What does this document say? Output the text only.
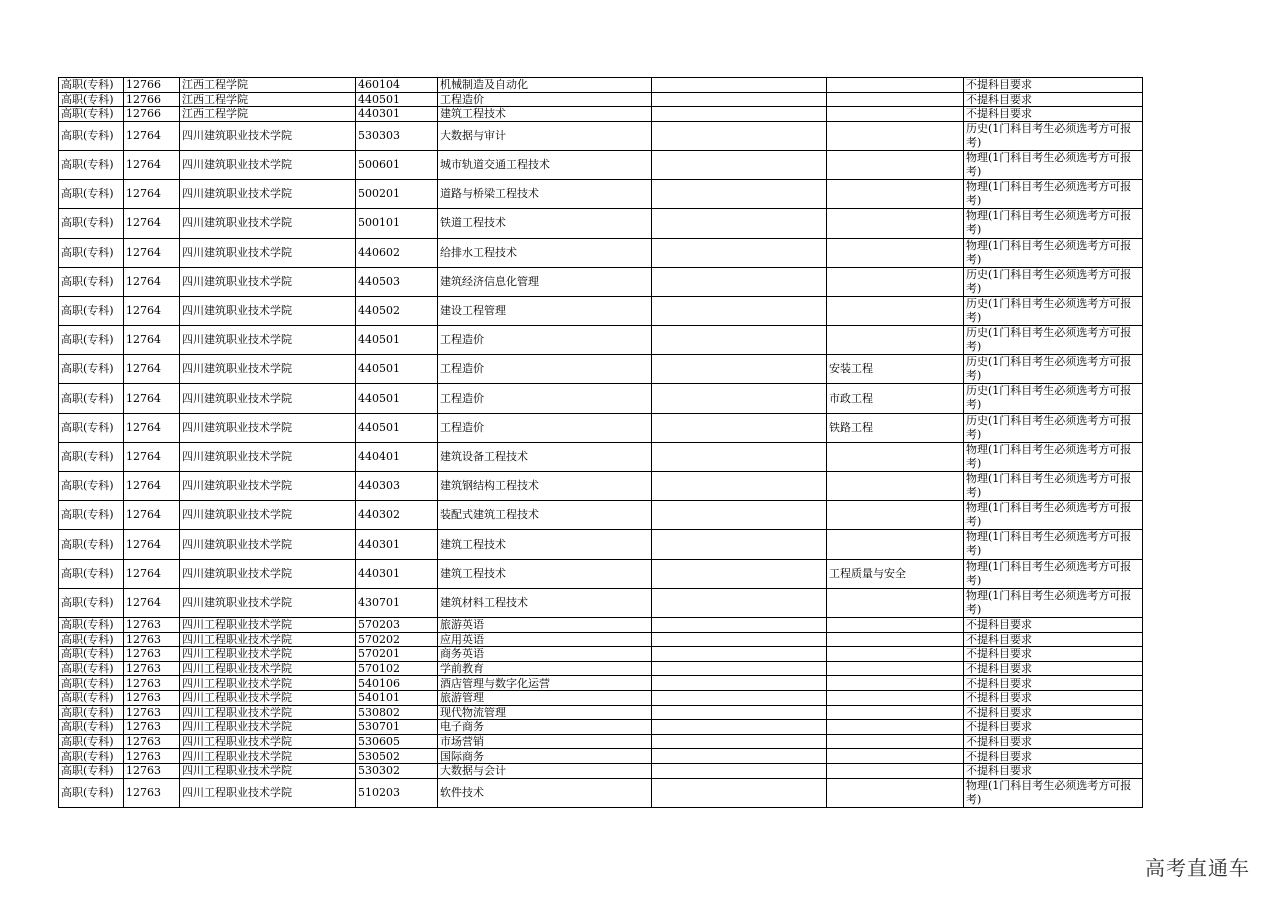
高职(专科)	12766	江西工程学院	460104	机械制造及自动化			不提科目要求
高职(专科)	12766	江西工程学院	440501	工程造价			不提科目要求
高职(专科)	12766	江西工程学院	440301	建筑工程技术			不提科目要求
高职(专科)	12764	四川建筑职业技术学院	530303	大数据与审计			历史(1门科目考生必须选考方可报考)
高职(专科)	12764	四川建筑职业技术学院	500601	城市轨道交通工程技术			物理(1门科目考生必须选考方可报考)
高职(专科)	12764	四川建筑职业技术学院	500201	道路与桥梁工程技术			物理(1门科目考生必须选考方可报考)
高职(专科)	12764	四川建筑职业技术学院	500101	铁道工程技术			物理(1门科目考生必须选考方可报考)
高职(专科)	12764	四川建筑职业技术学院	440602	给排水工程技术			物理(1门科目考生必须选考方可报考)
高职(专科)	12764	四川建筑职业技术学院	440503	建筑经济信息化管理			历史(1门科目考生必须选考方可报考)
高职(专科)	12764	四川建筑职业技术学院	440502	建设工程管理			历史(1门科目考生必须选考方可报考)
高职(专科)	12764	四川建筑职业技术学院	440501	工程造价			历史(1门科目考生必须选考方可报考)
高职(专科)	12764	四川建筑职业技术学院	440501	工程造价		安装工程	历史(1门科目考生必须选考方可报考)
高职(专科)	12764	四川建筑职业技术学院	440501	工程造价		市政工程	历史(1门科目考生必须选考方可报考)
高职(专科)	12764	四川建筑职业技术学院	440501	工程造价		铁路工程	历史(1门科目考生必须选考方可报考)
高职(专科)	12764	四川建筑职业技术学院	440401	建筑设备工程技术			物理(1门科目考生必须选考方可报考)
高职(专科)	12764	四川建筑职业技术学院	440303	建筑钢结构工程技术			物理(1门科目考生必须选考方可报考)
高职(专科)	12764	四川建筑职业技术学院	440302	装配式建筑工程技术			物理(1门科目考生必须选考方可报考)
高职(专科)	12764	四川建筑职业技术学院	440301	建筑工程技术			物理(1门科目考生必须选考方可报考)
高职(专科)	12764	四川建筑职业技术学院	440301	建筑工程技术		工程质量与安全	物理(1门科目考生必须选考方可报考)
高职(专科)	12764	四川建筑职业技术学院	430701	建筑材料工程技术			物理(1门科目考生必须选考方可报考)
高职(专科)	12763	四川工程职业技术学院	570203	旅游英语			不提科目要求
高职(专科)	12763	四川工程职业技术学院	570202	应用英语			不提科目要求
高职(专科)	12763	四川工程职业技术学院	570201	商务英语			不提科目要求
高职(专科)	12763	四川工程职业技术学院	570102	学前教育			不提科目要求
高职(专科)	12763	四川工程职业技术学院	540106	酒店管理与数字化运营			不提科目要求
高职(专科)	12763	四川工程职业技术学院	540101	旅游管理			不提科目要求
高职(专科)	12763	四川工程职业技术学院	530802	现代物流管理			不提科目要求
高职(专科)	12763	四川工程职业技术学院	530701	电子商务			不提科目要求
高职(专科)	12763	四川工程职业技术学院	530605	市场营销			不提科目要求
高职(专科)	12763	四川工程职业技术学院	530502	国际商务			不提科目要求
高职(专科)	12763	四川工程职业技术学院	530302	大数据与会计			不提科目要求
高职(专科)	12763	四川工程职业技术学院	510203	软件技术			物理(1门科目考生必须选考方可报考)
高考直通车
